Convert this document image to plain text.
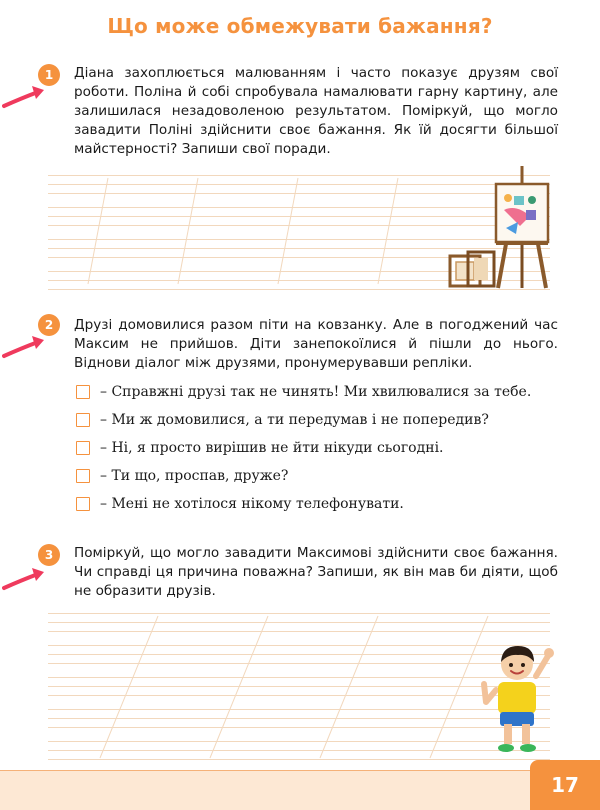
Що може обмежувати бажання?
1	Діана захоплюється малюванням і часто показує друзям свої роботи. Поліна й собі спробувала намалювати гарну картину, але залишилася незадоволеною результатом. Поміркуй, що могло завадити Поліні здійснити своє бажання. Як їй досягти більшої майстерності? Запиши свої поради.
2	Друзі домовилися разом піти на ковзанку. Але в погоджений час Максим не прийшов. Діти занепокоїлися й пішли до нього. Віднови діалог між друзями, пронумерувавши репліки.
– Справжні друзі так не чинять! Ми хвилювалися за тебе.
– Ми ж домовилися, а ти передумав і не попередив?
– Ні, я просто вирішив не йти нікуди сьогодні.
– Ти що, проспав, друже?
– Мені не хотілося нікому телефонувати.
3	Поміркуй, що могло завадити Максимові здійснити своє бажання. Чи справді ця причина поважна? Запиши, як він мав би діяти, щоб не образити друзів.
17
